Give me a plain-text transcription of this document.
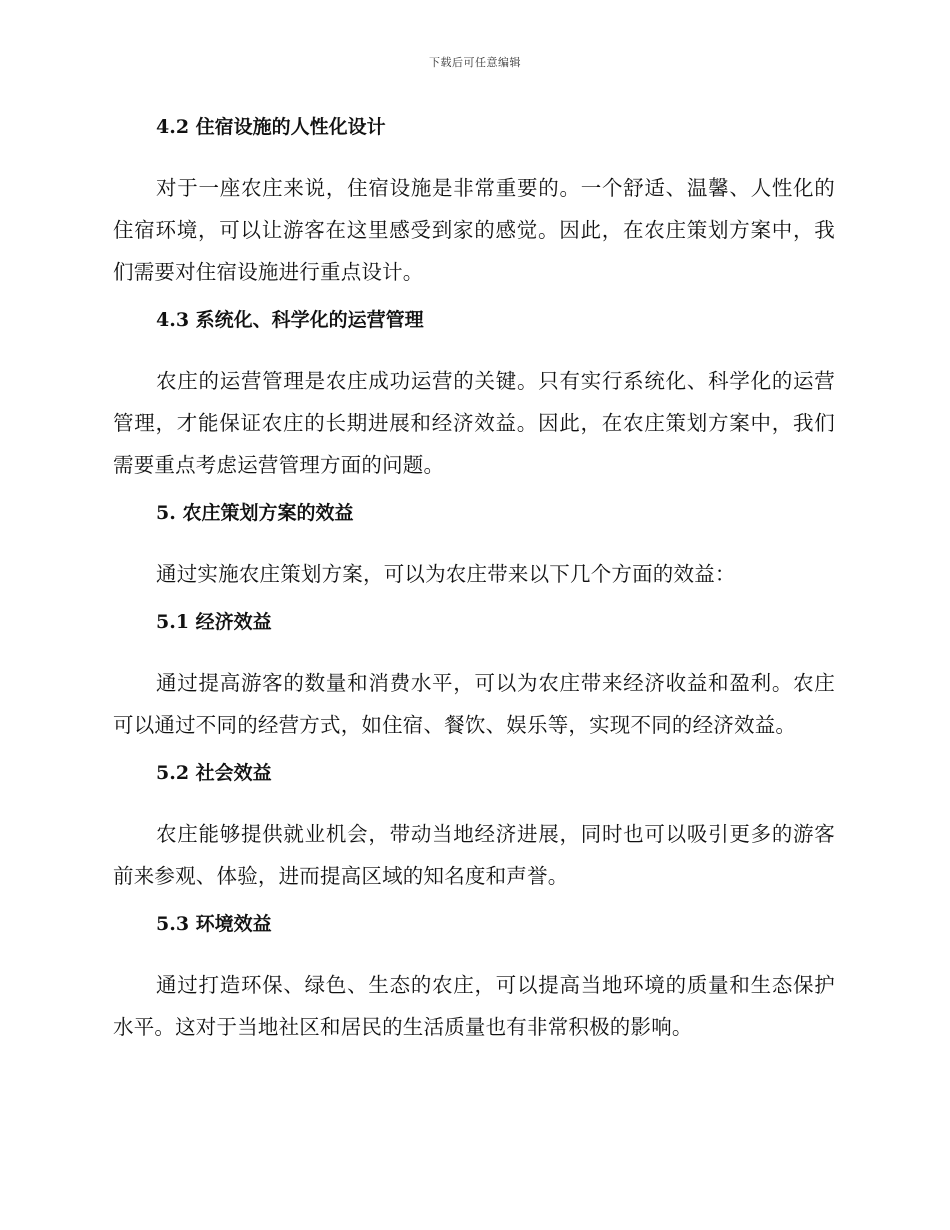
下载后可任意编辑
4.2 住宿设施的人性化设计

对于一座农庄来说，住宿设施是非常重要的。一个舒适、温馨、人性化的住宿环境，可以让游客在这里感受到家的感觉。因此，在农庄策划方案中，我们需要对住宿设施进行重点设计。

4.3 系统化、科学化的运营管理

农庄的运营管理是农庄成功运营的关键。只有实行系统化、科学化的运营管理，才能保证农庄的长期进展和经济效益。因此，在农庄策划方案中，我们需要重点考虑运营管理方面的问题。

5. 农庄策划方案的效益

通过实施农庄策划方案，可以为农庄带来以下几个方面的效益：

5.1 经济效益

通过提高游客的数量和消费水平，可以为农庄带来经济收益和盈利。农庄可以通过不同的经营方式，如住宿、餐饮、娱乐等，实现不同的经济效益。

5.2 社会效益

农庄能够提供就业机会，带动当地经济进展，同时也可以吸引更多的游客前来参观、体验，进而提高区域的知名度和声誉。

5.3 环境效益

通过打造环保、绿色、生态的农庄，可以提高当地环境的质量和生态保护水平。这对于当地社区和居民的生活质量也有非常积极的影响。
